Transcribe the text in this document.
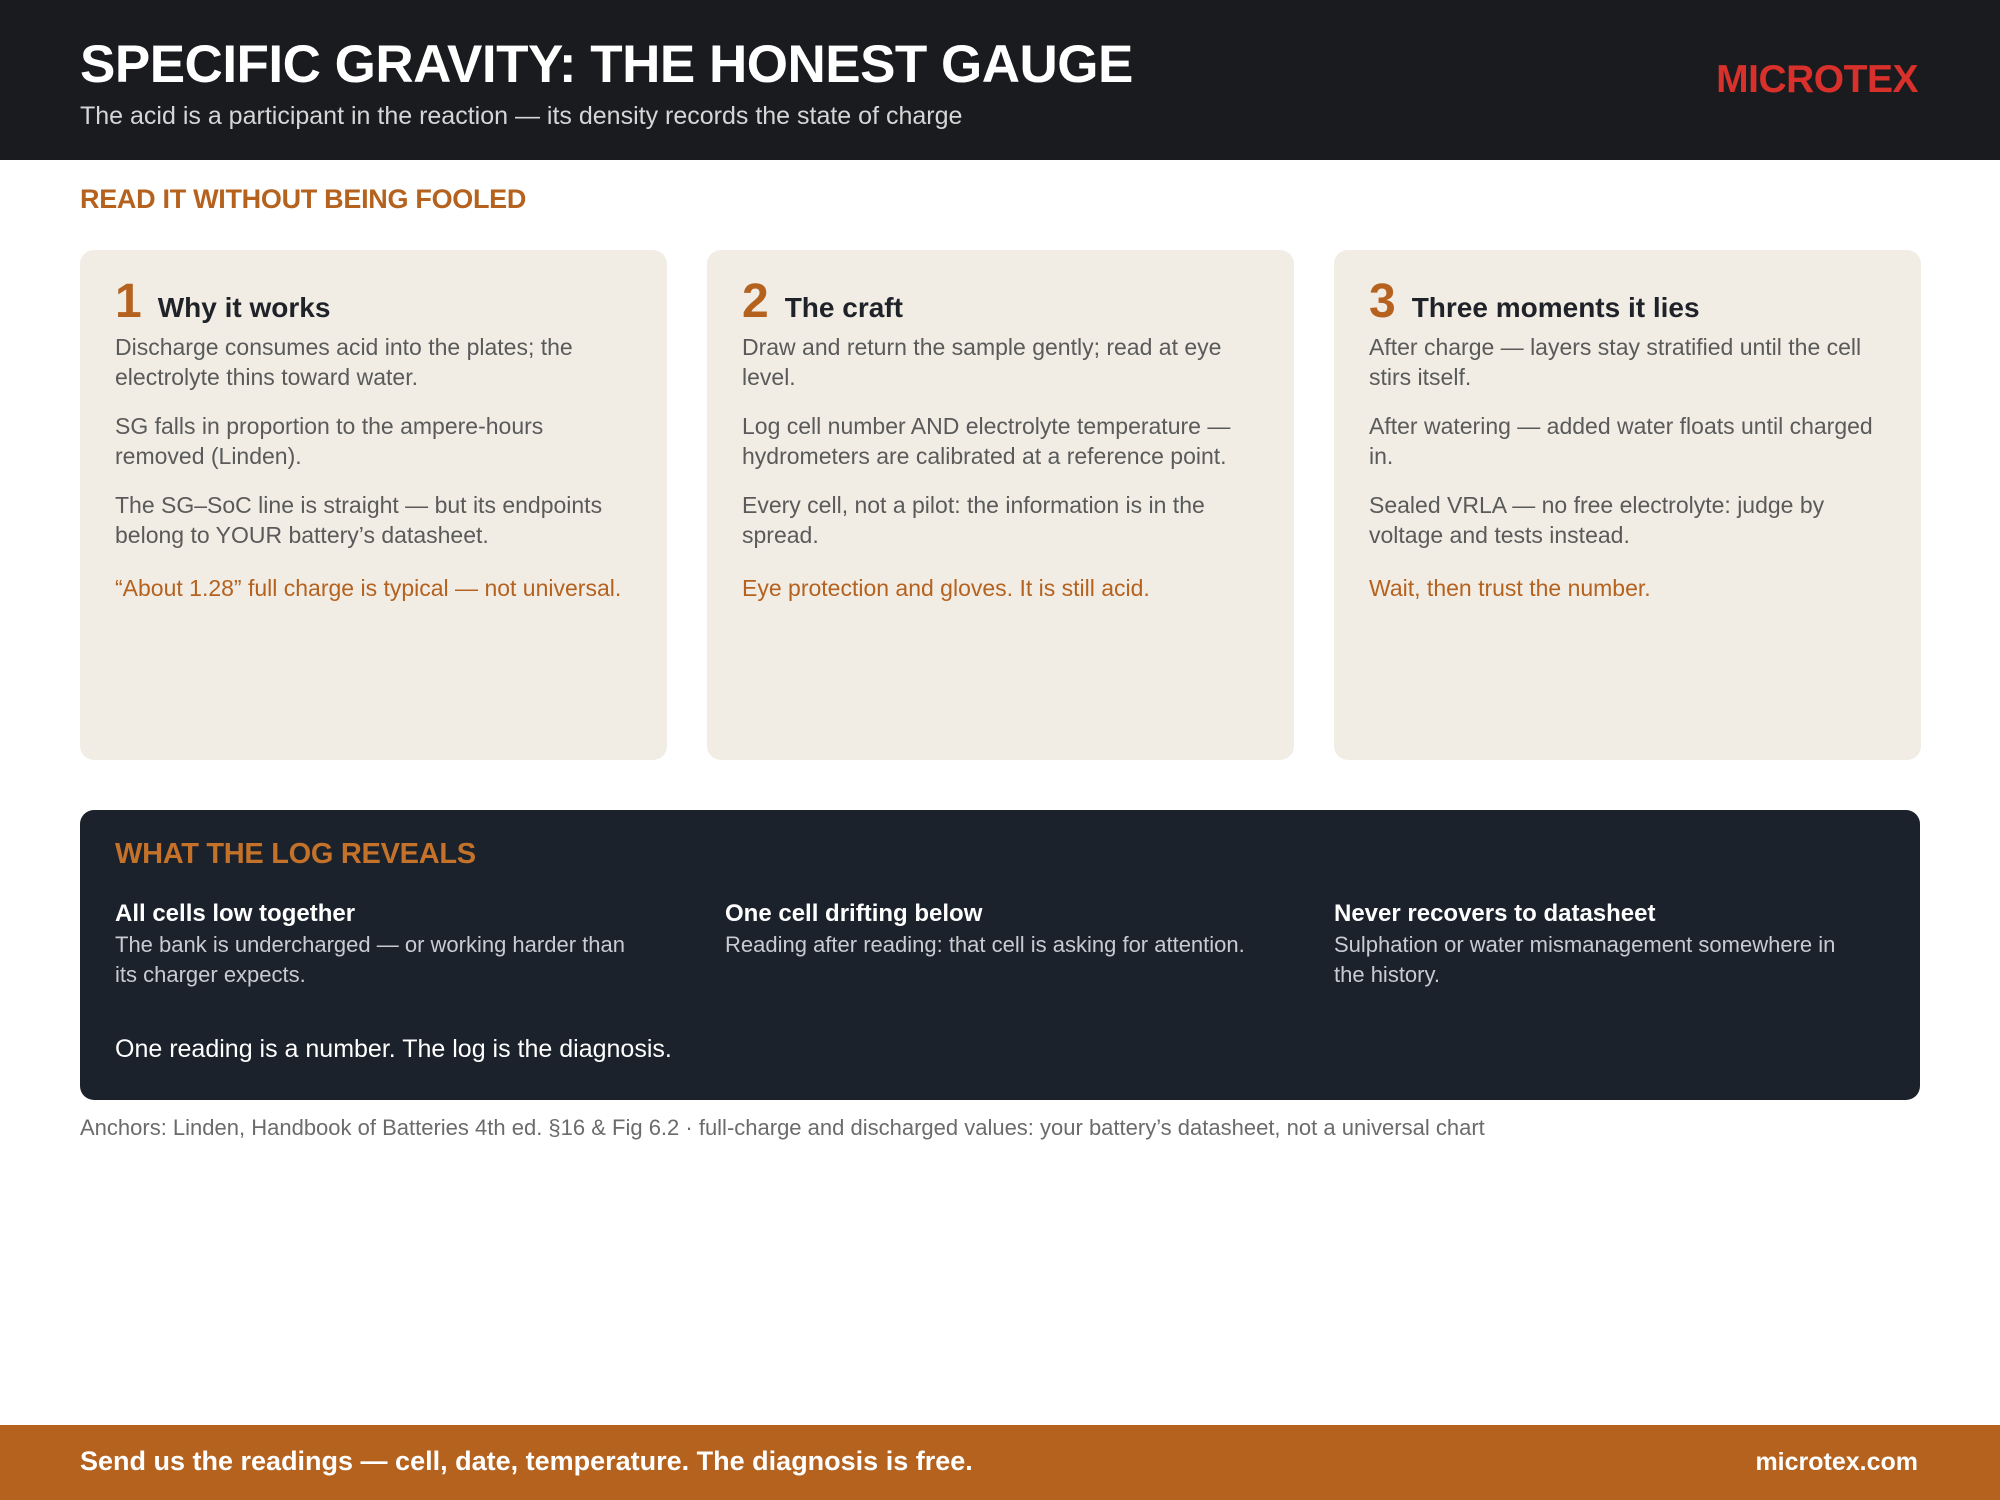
SPECIFIC GRAVITY: THE HONEST GAUGE
The acid is a participant in the reaction — its density records the state of charge
MICROTEX
READ IT WITHOUT BEING FOOLED
1 Why it works

Discharge consumes acid into the plates; the electrolyte thins toward water.

SG falls in proportion to the ampere-hours removed (Linden).

The SG–SoC line is straight — but its endpoints belong to YOUR battery’s datasheet.

“About 1.28” full charge is typical — not universal.

2 The craft

Draw and return the sample gently; read at eye level.

Log cell number AND electrolyte temperature — hydrometers are calibrated at a reference point.

Every cell, not a pilot: the information is in the spread.

Eye protection and gloves. It is still acid.

3 Three moments it lies

After charge — layers stay stratified until the cell stirs itself.

After watering — added water floats until charged in.

Sealed VRLA — no free electrolyte: judge by voltage and tests instead.

Wait, then trust the number.

WHAT THE LOG REVEALS
All cells low together
The bank is undercharged — or working harder than its charger expects.
One cell drifting below
Reading after reading: that cell is asking for attention.
Never recovers to datasheet
Sulphation or water mismanagement somewhere in the history.
One reading is a number. The log is the diagnosis.
Anchors: Linden, Handbook of Batteries 4th ed. §16 & Fig 6.2 · full-charge and discharged values: your battery’s datasheet, not a universal chart
Send us the readings — cell, date, temperature. The diagnosis is free.	microtex.com
